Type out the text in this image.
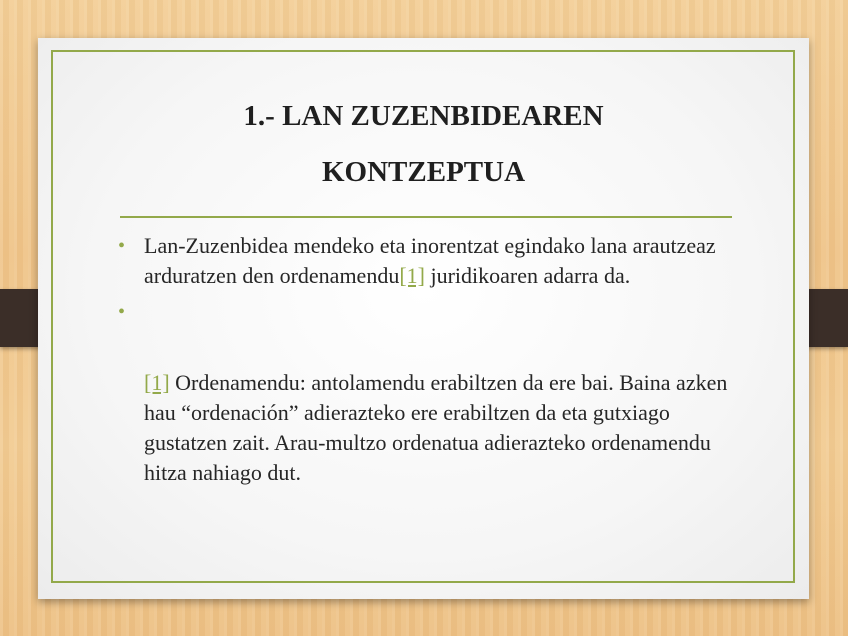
1.- LAN ZUZENBIDEAREN
KONTZEPTUA
• Lan-Zuzenbidea mendeko eta inorentzat egindako lana arautzeaz arduratzen den ordenamendu[1] juridikoaren adarra da.
•
[1] Ordenamendu: antolamendu erabiltzen da ere bai. Baina azken hau “ordenación” adierazteko ere erabiltzen da eta gutxiago gustatzen zait. Arau-multzo ordenatua adierazteko ordenamendu hitza nahiago dut.
